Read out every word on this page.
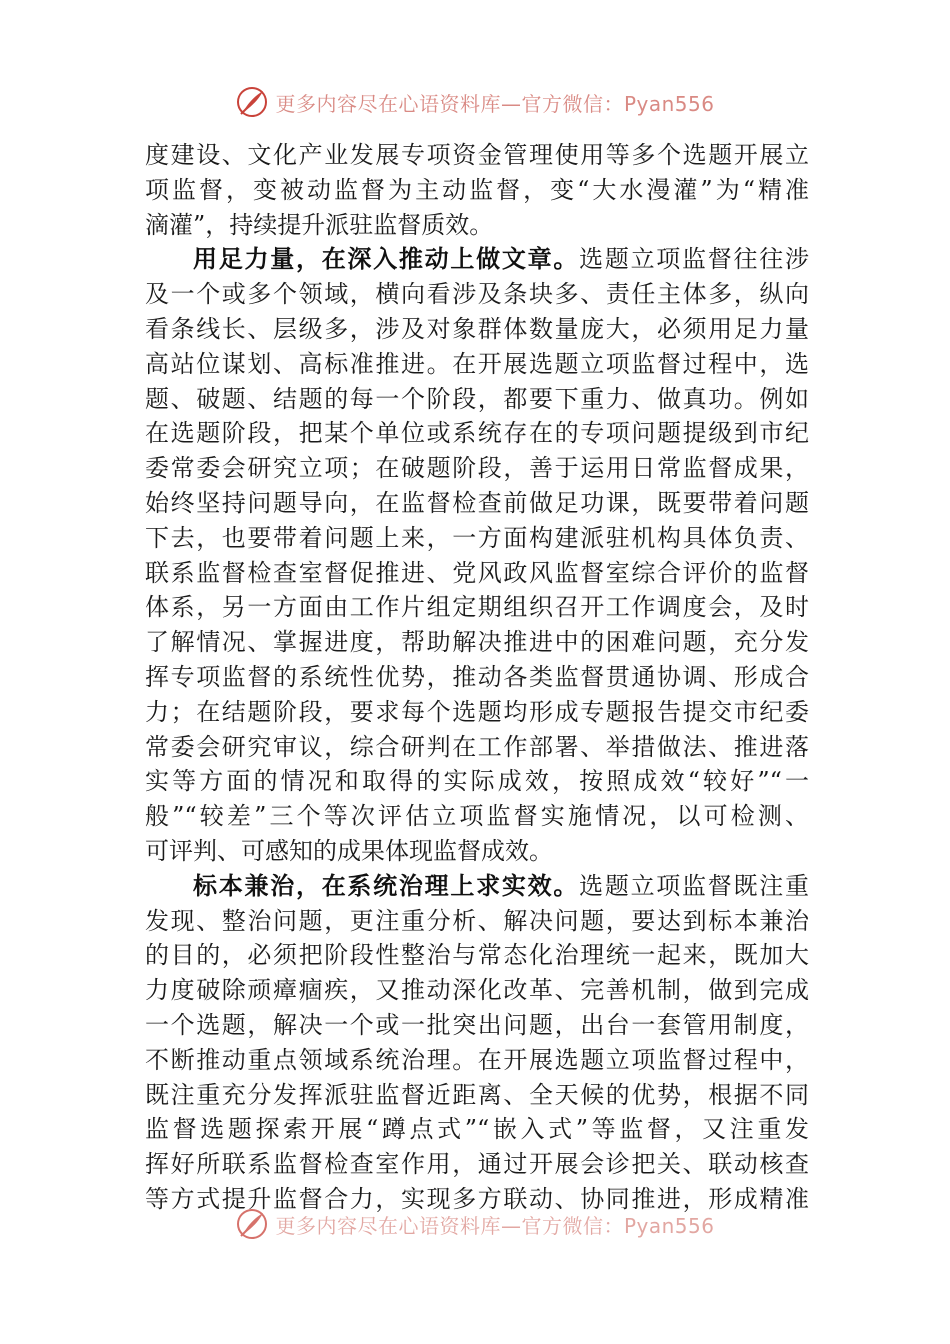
更多内容尽在心语资料库—官方微信：Pyan556
度建设、文化产业发展专项资金管理使用等多个选题开展立
项监督，变被动监督为主动监督，变“大水漫灌”为“精准
滴灌”，持续提升派驻监督质效。
用足力量，在深入推动上做文章。选题立项监督往往涉
及一个或多个领域，横向看涉及条块多、责任主体多，纵向
看条线长、层级多，涉及对象群体数量庞大，必须用足力量
高站位谋划、高标准推进。在开展选题立项监督过程中，选
题、破题、结题的每一个阶段，都要下重力、做真功。例如
在选题阶段，把某个单位或系统存在的专项问题提级到市纪
委常委会研究立项；在破题阶段，善于运用日常监督成果，
始终坚持问题导向，在监督检查前做足功课，既要带着问题
下去，也要带着问题上来，一方面构建派驻机构具体负责、
联系监督检查室督促推进、党风政风监督室综合评价的监督
体系，另一方面由工作片组定期组织召开工作调度会，及时
了解情况、掌握进度，帮助解决推进中的困难问题，充分发
挥专项监督的系统性优势，推动各类监督贯通协调、形成合
力；在结题阶段，要求每个选题均形成专题报告提交市纪委
常委会研究审议，综合研判在工作部署、举措做法、推进落
实等方面的情况和取得的实际成效，按照成效“较好”“一
般”“较差”三个等次评估立项监督实施情况，以可检测、
可评判、可感知的成果体现监督成效。
标本兼治，在系统治理上求实效。选题立项监督既注重
发现、整治问题，更注重分析、解决问题，要达到标本兼治
的目的，必须把阶段性整治与常态化治理统一起来，既加大
力度破除顽瘴痼疾，又推动深化改革、完善机制，做到完成
一个选题，解决一个或一批突出问题，出台一套管用制度，
不断推动重点领域系统治理。在开展选题立项监督过程中，
既注重充分发挥派驻监督近距离、全天候的优势，根据不同
监督选题探索开展“蹲点式”“嵌入式”等监督，又注重发
挥好所联系监督检查室作用，通过开展会诊把关、联动核查
等方式提升监督合力，实现多方联动、协同推进，形成精准
更多内容尽在心语资料库—官方微信：Pyan556
